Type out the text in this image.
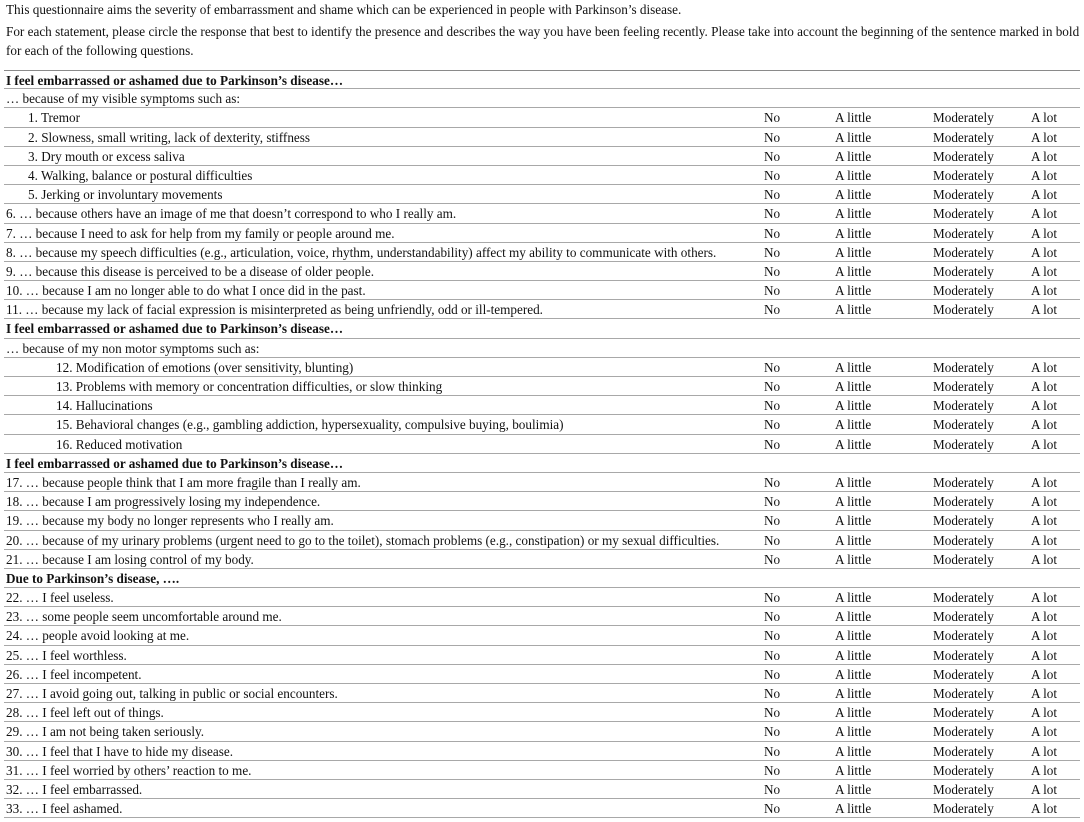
This questionnaire aims the severity of embarrassment and shame which can be experienced in people with Parkinson’s disease.

For each statement, please circle the response that best to identify the presence and describes the way you have been feeling recently. Please take into account the beginning of the sentence marked in bold for each of the following questions.

I feel embarrassed or ashamed due to Parkinson’s disease…
… because of my visible symptoms such as:
1. Tremor	No	A little	Moderately	A lot
2. Slowness, small writing, lack of dexterity, stiffness	No	A little	Moderately	A lot
3. Dry mouth or excess saliva	No	A little	Moderately	A lot
4. Walking, balance or postural difficulties	No	A little	Moderately	A lot
5. Jerking or involuntary movements	No	A little	Moderately	A lot
6. … because others have an image of me that doesn’t correspond to who I really am.	No	A little	Moderately	A lot
7. … because I need to ask for help from my family or people around me.	No	A little	Moderately	A lot
8. … because my speech difficulties (e.g., articulation, voice, rhythm, understandability) affect my ability to communicate with others.	No	A little	Moderately	A lot
9. … because this disease is perceived to be a disease of older people.	No	A little	Moderately	A lot
10. … because I am no longer able to do what I once did in the past.	No	A little	Moderately	A lot
11. … because my lack of facial expression is misinterpreted as being unfriendly, odd or ill-tempered.	No	A little	Moderately	A lot
I feel embarrassed or ashamed due to Parkinson’s disease…
… because of my non motor symptoms such as:
12. Modification of emotions (over sensitivity, blunting)	No	A little	Moderately	A lot
13. Problems with memory or concentration difficulties, or slow thinking	No	A little	Moderately	A lot
14. Hallucinations	No	A little	Moderately	A lot
15. Behavioral changes (e.g., gambling addiction, hypersexuality, compulsive buying, boulimia)	No	A little	Moderately	A lot
16. Reduced motivation	No	A little	Moderately	A lot
I feel embarrassed or ashamed due to Parkinson’s disease…
17. … because people think that I am more fragile than I really am.	No	A little	Moderately	A lot
18. … because I am progressively losing my independence.	No	A little	Moderately	A lot
19. … because my body no longer represents who I really am.	No	A little	Moderately	A lot
20. … because of my urinary problems (urgent need to go to the toilet), stomach problems (e.g., constipation) or my sexual difficulties.	No	A little	Moderately	A lot
21. … because I am losing control of my body.	No	A little	Moderately	A lot
Due to Parkinson’s disease, ….
22. … I feel useless.	No	A little	Moderately	A lot
23. … some people seem uncomfortable around me.	No	A little	Moderately	A lot
24. … people avoid looking at me.	No	A little	Moderately	A lot
25. … I feel worthless.	No	A little	Moderately	A lot
26. … I feel incompetent.	No	A little	Moderately	A lot
27. … I avoid going out, talking in public or social encounters.	No	A little	Moderately	A lot
28. … I feel left out of things.	No	A little	Moderately	A lot
29. … I am not being taken seriously.	No	A little	Moderately	A lot
30. … I feel that I have to hide my disease.	No	A little	Moderately	A lot
31. … I feel worried by others’ reaction to me.	No	A little	Moderately	A lot
32. … I feel embarrassed.	No	A little	Moderately	A lot
33. … I feel ashamed.	No	A little	Moderately	A lot
